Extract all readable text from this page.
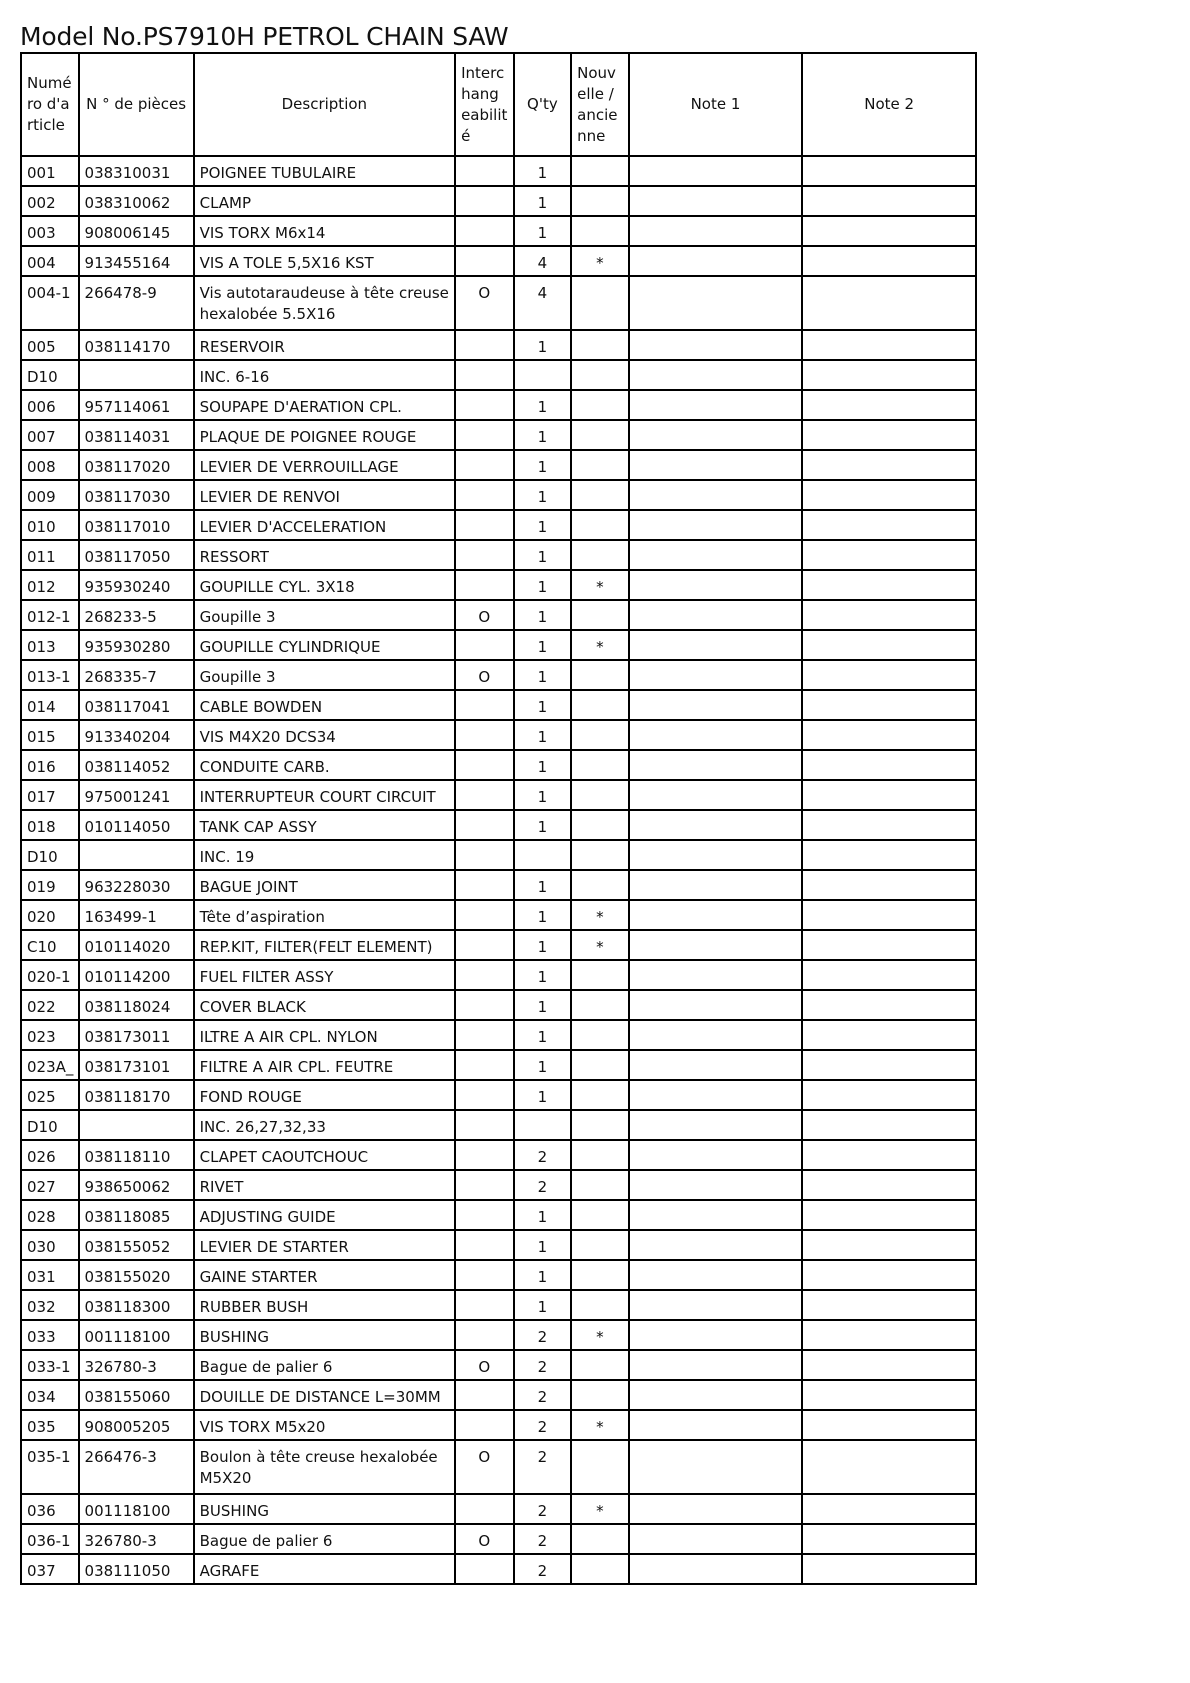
Model No.PS7910H PETROL CHAIN SAW
Numé ro d'a rticle	N ° de pièces	Description	Interc hang eabilit é	Q'ty	Nouv elle / ancie nne	Note 1	Note 2
001	038310031	POIGNEE TUBULAIRE		1			
002	038310062	CLAMP		1			
003	908006145	VIS TORX M6x14		1			
004	913455164	VIS A TOLE 5,5X16 KST		4	*		
004-1	266478-9	Vis autotaraudeuse à tête creuse hexalobée 5.5X16	O	4			
005	038114170	RESERVOIR		1			
D10		INC. 6-16					
006	957114061	SOUPAPE D'AERATION CPL.		1			
007	038114031	PLAQUE DE POIGNEE ROUGE		1			
008	038117020	LEVIER DE VERROUILLAGE		1			
009	038117030	LEVIER DE RENVOI		1			
010	038117010	LEVIER D'ACCELERATION		1			
011	038117050	RESSORT		1			
012	935930240	GOUPILLE CYL. 3X18		1	*		
012-1	268233-5	Goupille 3	O	1			
013	935930280	GOUPILLE CYLINDRIQUE		1	*		
013-1	268335-7	Goupille 3	O	1			
014	038117041	CABLE BOWDEN		1			
015	913340204	VIS M4X20 DCS34		1			
016	038114052	CONDUITE CARB.		1			
017	975001241	INTERRUPTEUR COURT CIRCUIT		1			
018	010114050	TANK CAP ASSY		1			
D10		INC. 19					
019	963228030	BAGUE JOINT		1			
020	163499-1	Tête d’aspiration		1	*		
C10	010114020	REP.KIT, FILTER(FELT ELEMENT)		1	*		
020-1	010114200	FUEL FILTER ASSY		1			
022	038118024	COVER BLACK		1			
023	038173011	ILTRE A AIR CPL. NYLON		1			
023A_	038173101	FILTRE A AIR CPL. FEUTRE		1			
025	038118170	FOND ROUGE		1			
D10		INC. 26,27,32,33					
026	038118110	CLAPET CAOUTCHOUC		2			
027	938650062	RIVET		2			
028	038118085	ADJUSTING GUIDE		1			
030	038155052	LEVIER DE STARTER		1			
031	038155020	GAINE STARTER		1			
032	038118300	RUBBER BUSH		1			
033	001118100	BUSHING		2	*		
033-1	326780-3	Bague de palier 6	O	2			
034	038155060	DOUILLE DE DISTANCE L=30MM		2			
035	908005205	VIS TORX M5x20		2	*		
035-1	266476-3	Boulon à tête creuse hexalobée M5X20	O	2			
036	001118100	BUSHING		2	*		
036-1	326780-3	Bague de palier 6	O	2			
037	038111050	AGRAFE		2			
